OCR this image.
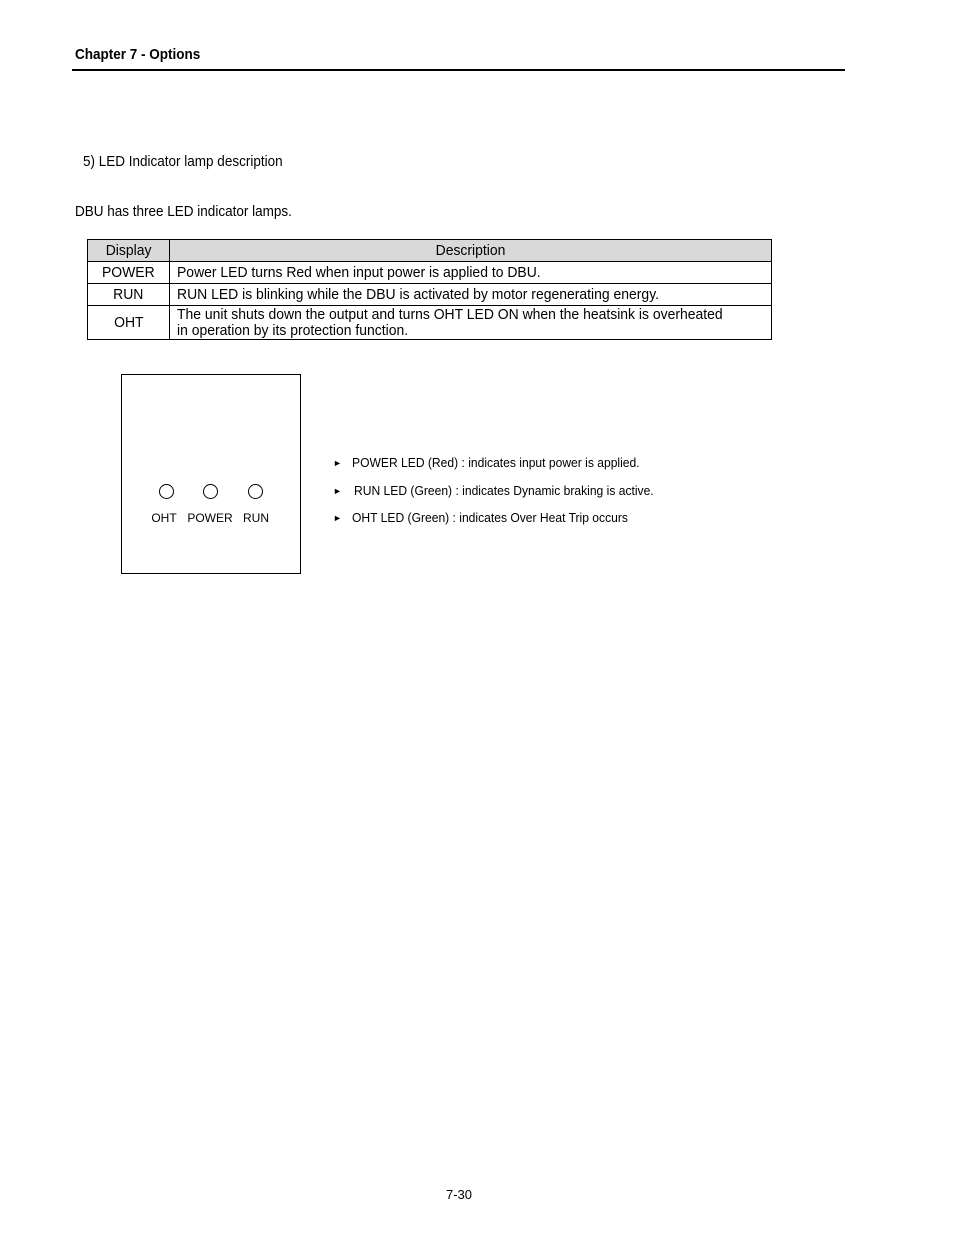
Chapter 7 - Options
5) LED Indicator lamp description
DBU has three LED indicator lamps.
Display	Description
POWER	Power LED turns Red when input power is applied to DBU.
RUN	RUN LED is blinking while the DBU is activated by motor regenerating energy.
OHT	The unit shuts down the output and turns OHT LED ON when the heatsink is overheated
in operation by its protection function.
OHT POWER RUN
► POWER LED (Red) : indicates input power is applied.
► RUN LED (Green) : indicates Dynamic braking is active.
► OHT LED (Green) : indicates Over Heat Trip occurs
7-30
